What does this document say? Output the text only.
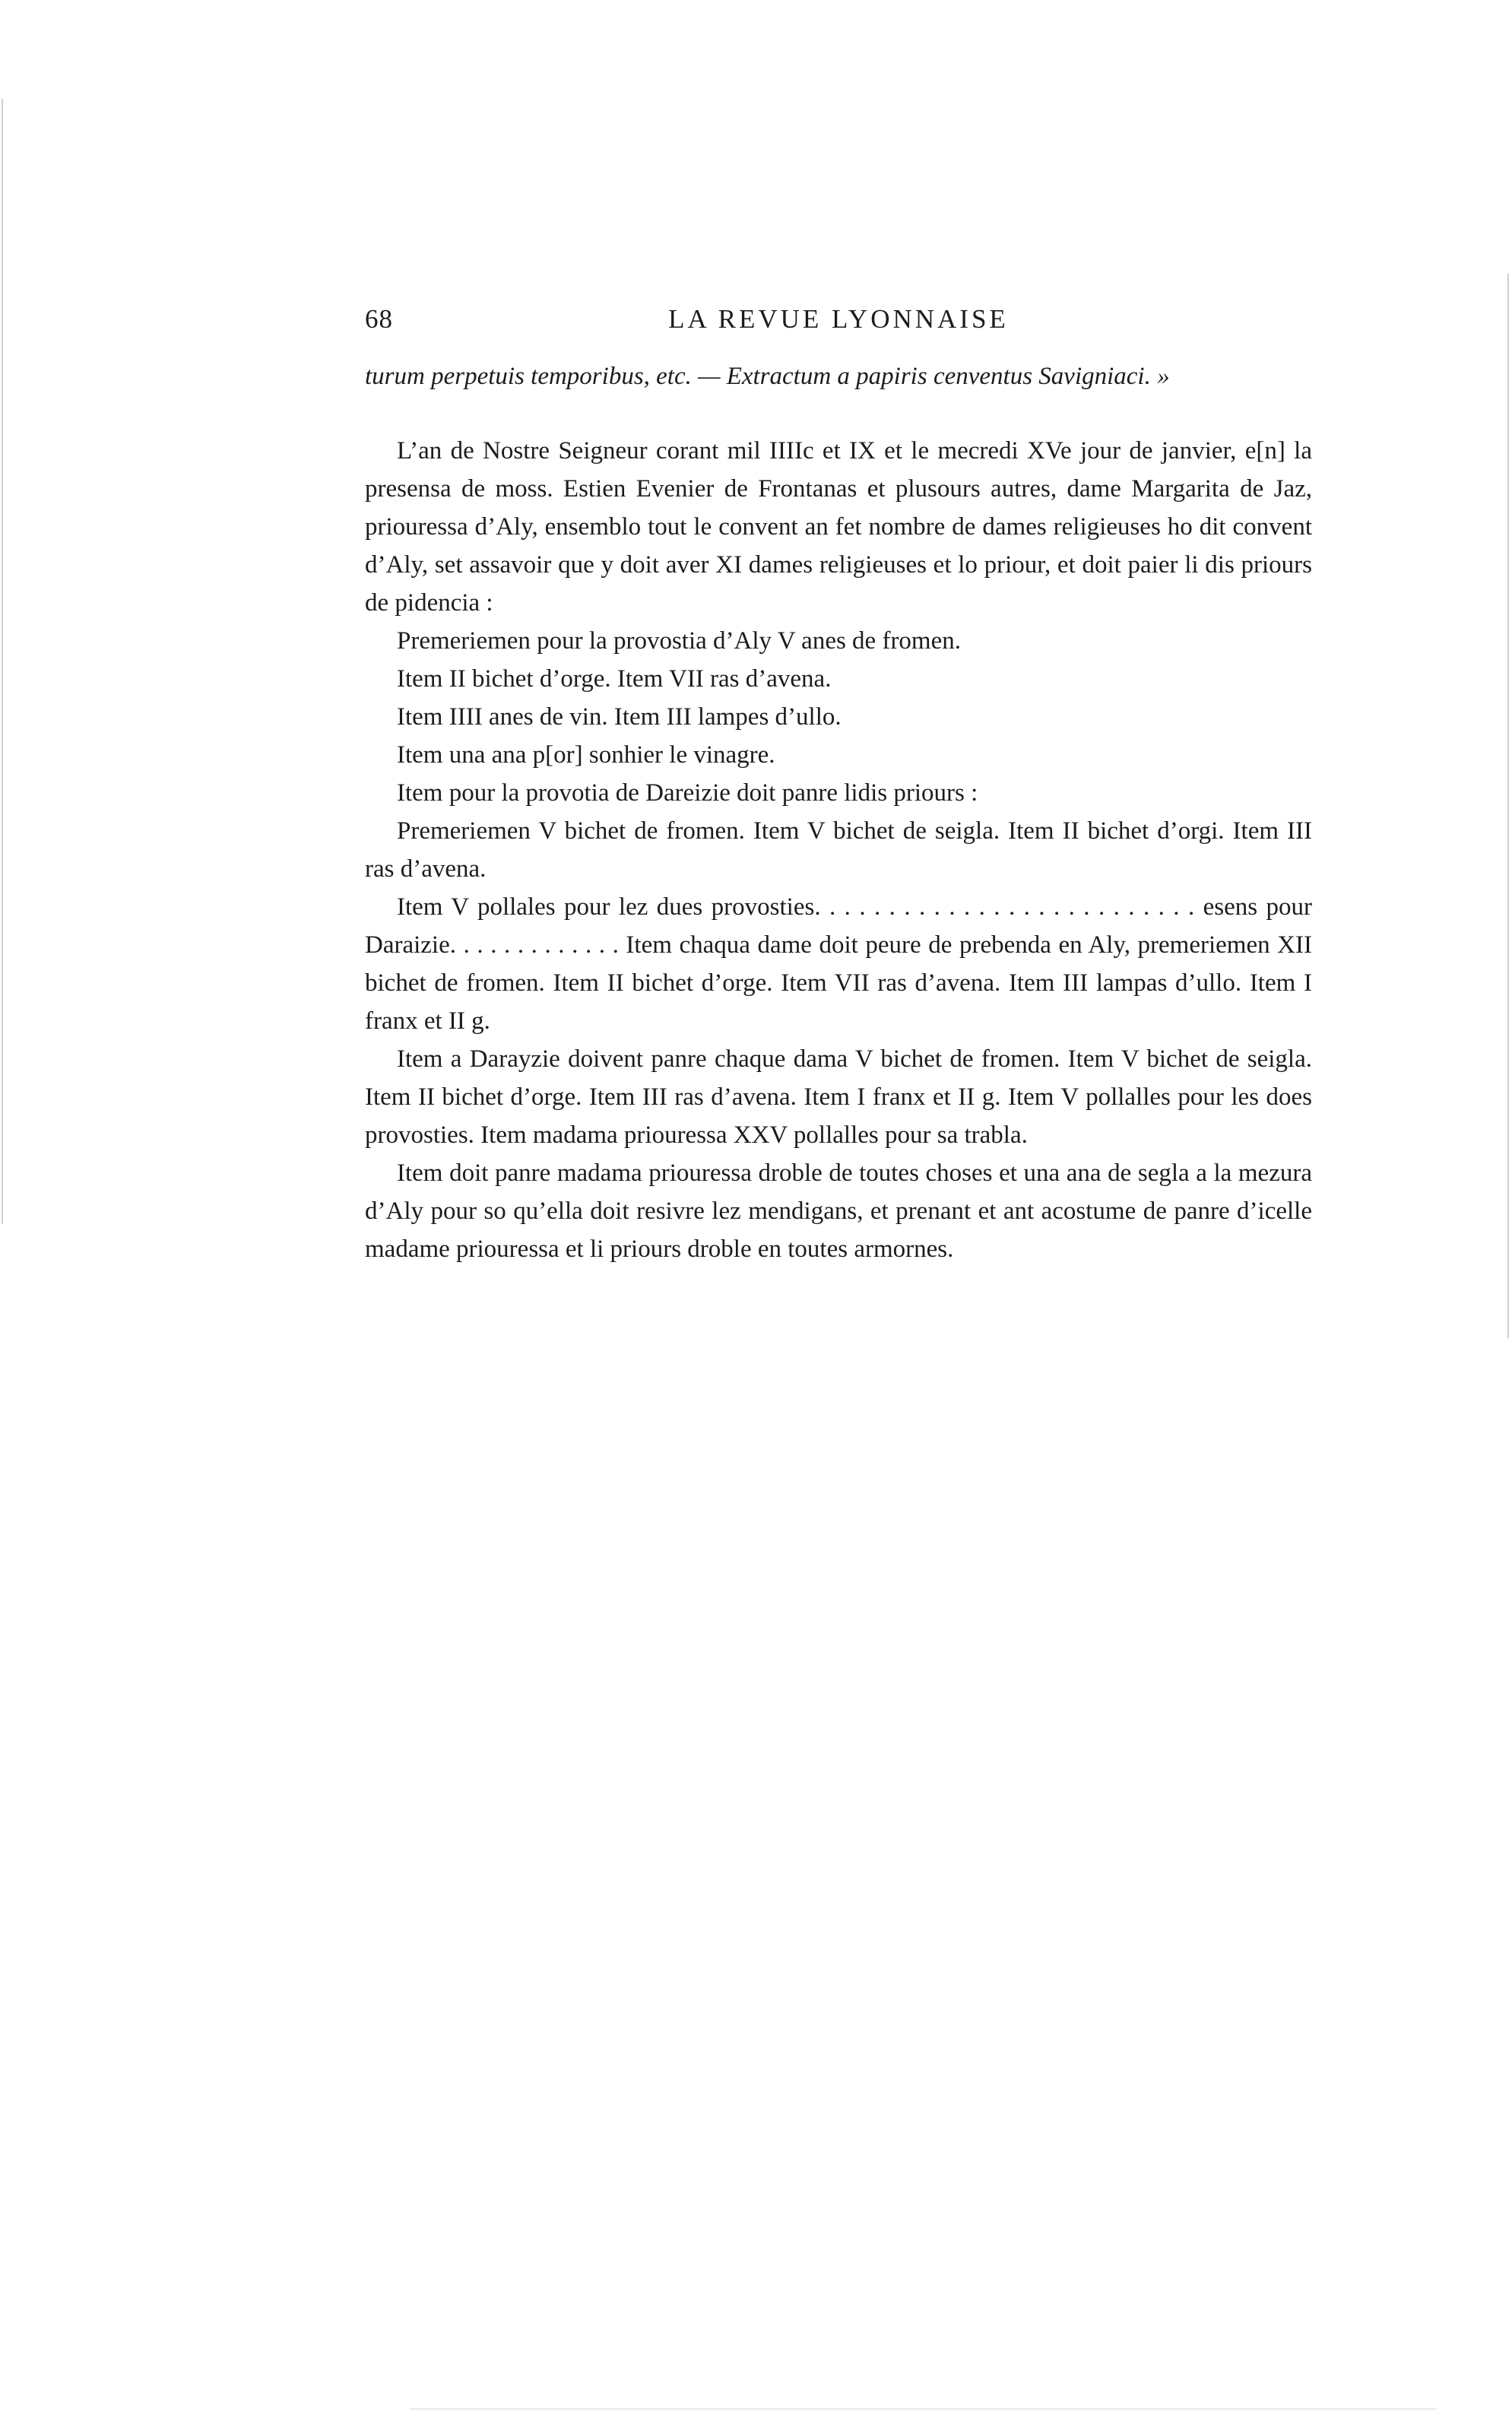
68	LA REVUE LYONNAISE

turum perpetuis temporibus, etc. — Extractum a papiris cenventus Savigniaci. »

L’an de Nostre Seigneur corant mil IIIIc et IX et le mecredi XVe jour de janvier, e[n] la presensa de moss. Estien Evenier de Frontanas et plusours autres, dame Margarita de Jaz, priouressa d’Aly, ensemblo tout le convent an fet nombre de dames religieuses ho dit convent d’Aly, set assavoir que y doit aver XI dames religieuses et lo priour, et doit paier li dis priours de pidencia :

Premeriemen pour la provostia d’Aly V anes de fromen.

Item II bichet d’orge. Item VII ras d’avena.

Item IIII anes de vin. Item III lampes d’ullo.

Item una ana p[or] sonhier le vinagre.

Item pour la provotia de Dareizie doit panre lidis priours :

Premeriemen V bichet de fromen. Item V bichet de seigla. Item II bichet d’orgi. Item III ras d’avena.

Item V pollales pour lez dues provosties. . . . . . . . . . . . . . . . . . . . . . . . . . esens pour Daraizie. . . . . . . . . . . . . Item chaqua dame doit peure de prebenda en Aly, premeriemen XII bichet de fromen. Item II bichet d’orge. Item VII ras d’avena. Item III lampas d’ullo. Item I franx et II g.

Item a Darayzie doivent panre chaque dama V bichet de fromen. Item V bichet de seigla. Item II bichet d’orge. Item III ras d’avena. Item I franx et II g. Item V pollalles pour les does provosties. Item madama priouressa XXV pollalles pour sa trabla.

Item doit panre madama priouressa droble de toutes choses et una ana de segla a la mezura d’Aly pour so qu’ella doit resivre lez mendigans, et prenant et ant acostume de panre d’icelle madame priouressa et li priours droble en toutes armornes.
